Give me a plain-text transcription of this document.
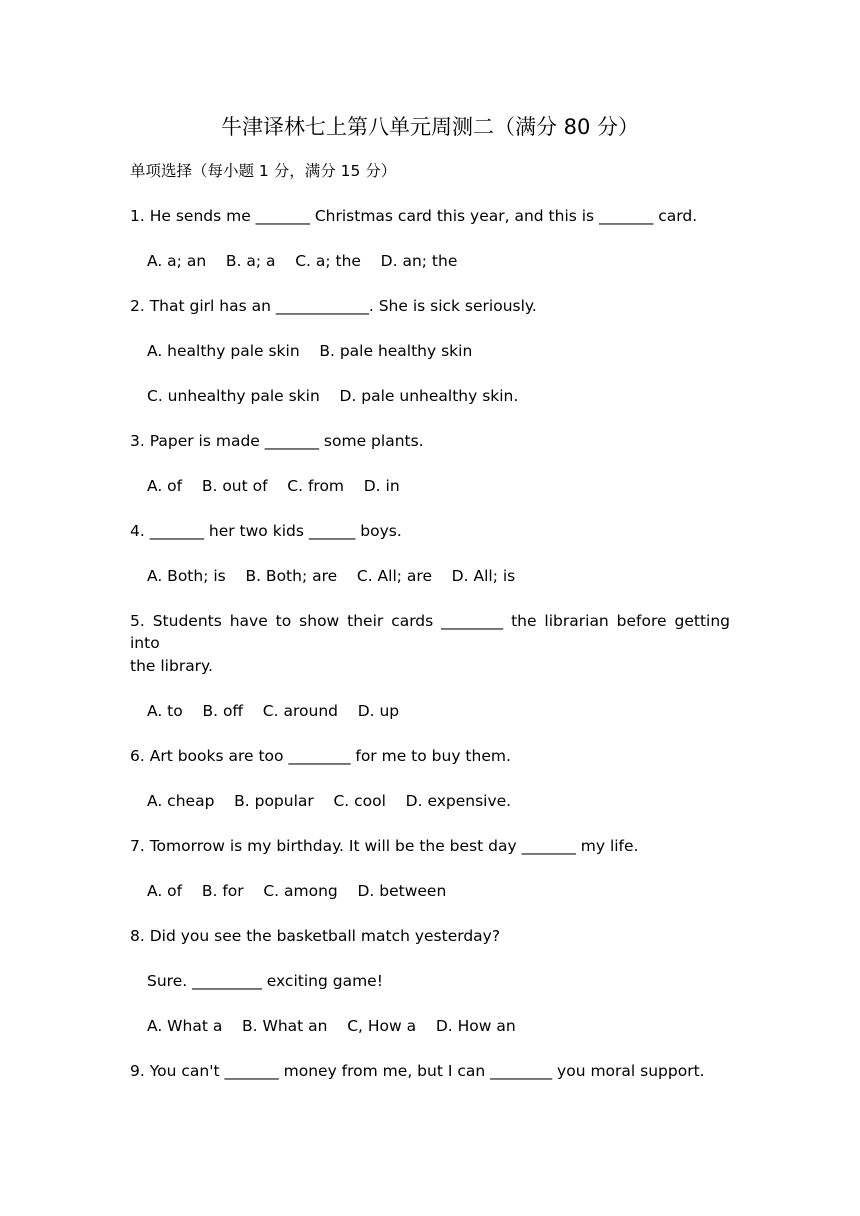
牛津译林七上第八单元周测二（满分 80 分）
单项选择（每小题 1 分，满分 15 分）
1. He sends me _______ Christmas card this year, and this is _______ card.
A. a; an    B. a; a    C. a; the    D. an; the
2. That girl has an ____________. She is sick seriously.
A. healthy pale skin    B. pale healthy skin
C. unhealthy pale skin    D. pale unhealthy skin.
3. Paper is made _______ some plants.
A. of    B. out of    C. from    D. in
4. _______ her two kids ______ boys.
A. Both; is    B. Both; are    C. All; are    D. All; is
5. Students have to show their cards ________ the librarian before getting into
the library.
A. to    B. off    C. around    D. up
6. Art books are too ________ for me to buy them.
A. cheap    B. popular    C. cool    D. expensive.
7. Tomorrow is my birthday. It will be the best day _______ my life.
A. of    B. for    C. among    D. between
8. Did you see the basketball match yesterday?
Sure. _________ exciting game!
A. What a    B. What an    C, How a    D. How an
9. You can't _______ money from me, but I can ________ you moral support.
